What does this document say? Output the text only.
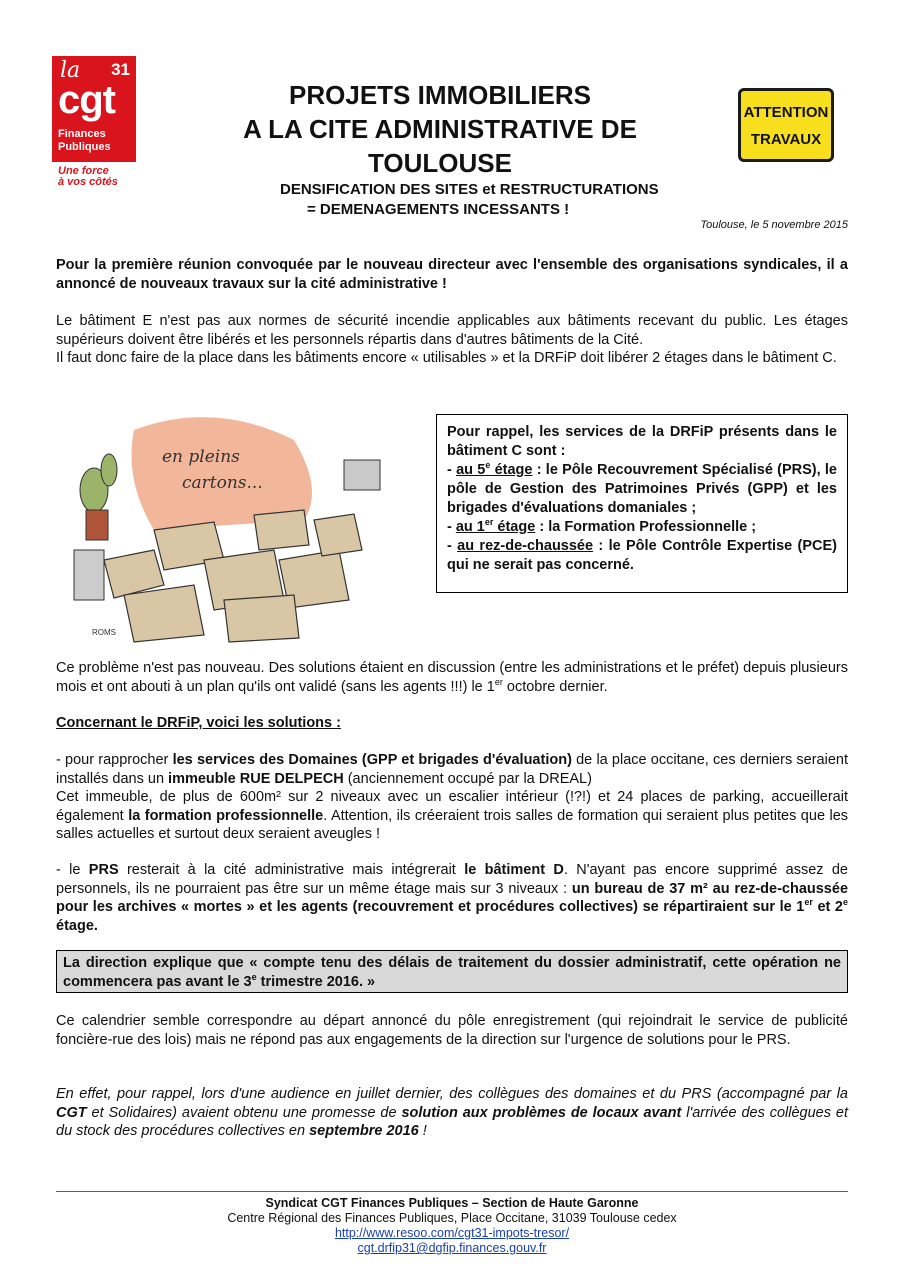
la 31
cgt
Finances
Publiques
Une force
à vos côtés
PROJETS IMMOBILIERS
A LA CITE ADMINISTRATIVE DE
TOULOUSE
DENSIFICATION DES SITES et RESTRUCTURATIONS
= DEMENAGEMENTS INCESSANTS !
ATTENTION
TRAVAUX
Toulouse, le 5 novembre 2015
Pour la première réunion convoquée par le nouveau directeur avec l'ensemble des organisations syndicales, il a annoncé de nouveaux travaux sur la cité administrative !
Le bâtiment E n'est pas aux normes de sécurité incendie applicables aux bâtiments recevant du public. Les étages supérieurs doivent être libérés et les personnels répartis dans d'autres bâtiments de la Cité.
Il faut donc faire de la place dans les bâtiments encore « utilisables » et la DRFiP doit libérer 2 étages dans le bâtiment C.
en pleins
cartons...
ROMS
Pour rappel, les services de la DRFiP présents dans le bâtiment C sont :
- au 5e étage : le Pôle Recouvrement Spécialisé (PRS), le pôle de Gestion des Patrimoines Privés (GPP) et les brigades d'évaluations domaniales ;
- au 1er étage : la Formation Professionnelle ;
- au rez-de-chaussée : le Pôle Contrôle Expertise (PCE) qui ne serait pas concerné.
Ce problème n'est pas nouveau. Des solutions étaient en discussion (entre les administrations et le préfet) depuis plusieurs mois et ont abouti à un plan qu'ils ont validé (sans les agents !!!) le 1er octobre dernier.
Concernant le DRFiP, voici les solutions :
- pour rapprocher les services des Domaines (GPP et brigades d'évaluation) de la place occitane, ces derniers seraient installés dans un immeuble RUE DELPECH (anciennement occupé par la DREAL)
Cet immeuble, de plus de 600m² sur 2 niveaux avec un escalier intérieur (!?!) et 24 places de parking, accueillerait également la formation professionnelle. Attention, ils créeraient trois salles de formation qui seraient plus petites que les salles actuelles et surtout deux seraient aveugles !
- le PRS resterait à la cité administrative mais intégrerait le bâtiment D. N'ayant pas encore supprimé assez de personnels, ils ne pourraient pas être sur un même étage mais sur 3 niveaux : un bureau de 37 m² au rez-de-chaussée pour les archives « mortes » et les agents (recouvrement et procédures collectives) se répartiraient sur le 1er et 2e étage.
La direction explique que « compte tenu des délais de traitement du dossier administratif, cette opération ne commencera pas avant le 3e trimestre 2016. »
Ce calendrier semble correspondre au départ annoncé du pôle enregistrement (qui rejoindrait le service de publicité foncière-rue des lois) mais ne répond pas aux engagements de la direction sur l'urgence de solutions pour le PRS.
En effet, pour rappel, lors d'une audience en juillet dernier, des collègues des domaines et du PRS (accompagné par la CGT et Solidaires) avaient obtenu une promesse de solution aux problèmes de locaux avant l'arrivée des collègues et du stock des procédures collectives en septembre 2016 !
Syndicat CGT Finances Publiques – Section de Haute Garonne
Centre Régional des Finances Publiques, Place Occitane, 31039 Toulouse cedex
http://www.resoo.com/cgt31-impots-tresor/
cgt.drfip31@dgfip.finances.gouv.fr
